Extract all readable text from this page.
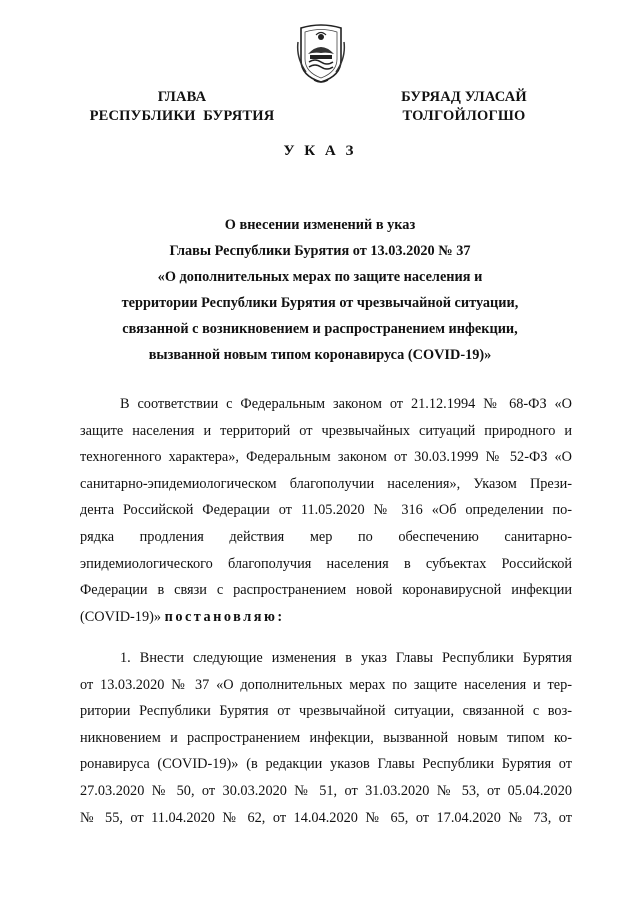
ГЛАВА
РЕСПУБЛИКИ  БУРЯТИЯ
БУРЯАД УЛАСАЙ
ТОЛГОЙЛОГШО
У К А З
О внесении изменений в указ
Главы Республики Бурятия от 13.03.2020 № 37
«О дополнительных мерах по защите населения и
территории Республики Бурятия от чрезвычайной ситуации,
связанной с возникновением и распространением инфекции,
вызванной новым типом коронавируса (COVID-19)»
В соответствии с Федеральным законом от 21.12.1994 № 68-ФЗ «О
защите населения и территорий от чрезвычайных ситуаций природного и
техногенного характера», Федеральным законом от 30.03.1999 № 52-ФЗ «О
санитарно-эпидемиологическом благополучии населения», Указом Прези-
дента Российской Федерации от 11.05.2020 № 316 «Об определении по-
рядка продления действия мер по обеспечению санитарно-
эпидемиологического благополучия населения в субъектах Российской
Федерации в связи с распространением новой коронавирусной инфекции
(COVID-19)» постановляю:
1. Внести следующие изменения в указ Главы Республики Бурятия
от 13.03.2020 № 37 «О дополнительных мерах по защите населения и тер-
ритории Республики Бурятия от чрезвычайной ситуации, связанной с воз-
никновением и распространением инфекции, вызванной новым типом ко-
ронавируса (COVID-19)» (в редакции указов Главы Республики Бурятия от
27.03.2020 № 50, от 30.03.2020 № 51, от 31.03.2020 № 53, от 05.04.2020
№ 55, от 11.04.2020 № 62, от 14.04.2020 № 65, от 17.04.2020 № 73, от
